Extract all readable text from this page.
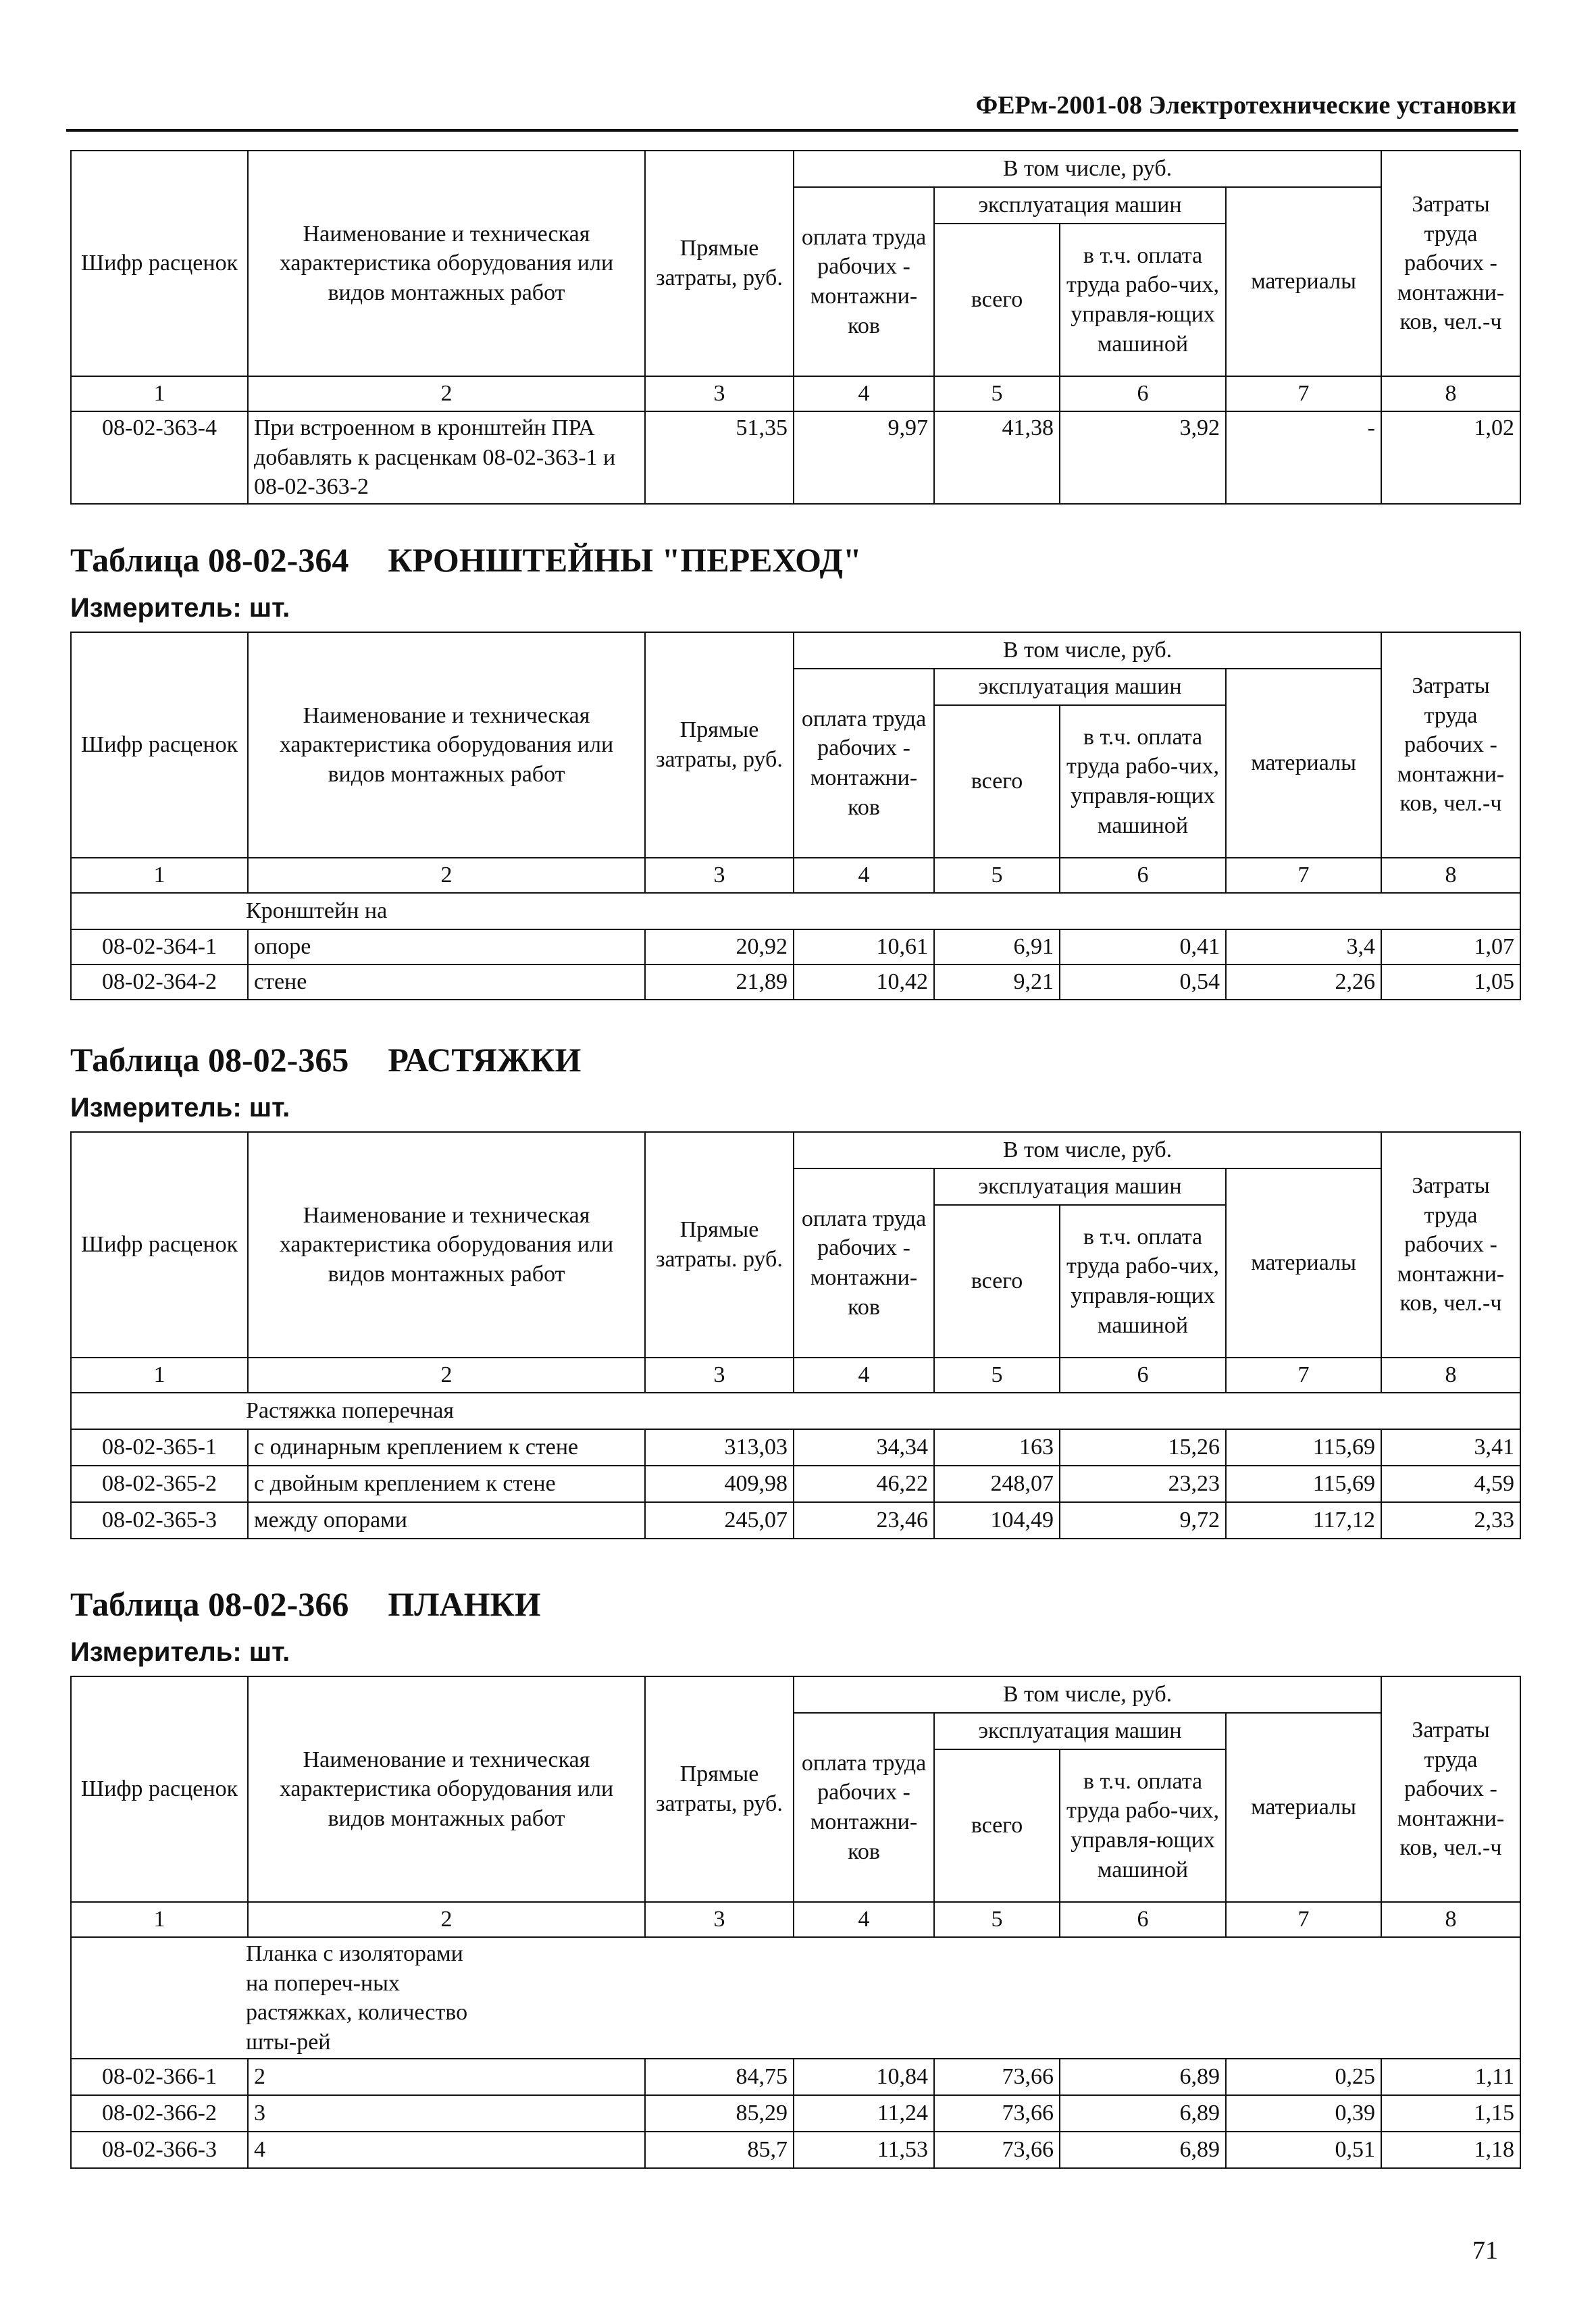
ФЕРм-2001-08 Электротехнические установки
Шифр расценок	Наименование и техническая характеристика оборудования или видов монтажных работ	Прямые затраты, руб.	В том числе, руб.				Затраты труда рабочих - монтажни-ков, чел.-ч
			оплата труда рабочих - монтажни-ков	эксплуатация машин		материалы	
				всего	в т.ч. оплата труда рабо-чих, управля-ющих машиной		
1	2	3	4	5	6	7	8
08-02-363-4	При встроенном в кронштейн ПРА добавлять к расценкам 08-02-363-1 и 08-02-363-2	51,35	9,97	41,38	3,92	-	1,02
Таблица 08-02-364 КРОНШТЕЙНЫ "ПЕРЕХОД"
Измеритель: шт.
Шифр расценок	Наименование и техническая характеристика оборудования или видов монтажных работ	Прямые затраты, руб.	В том числе, руб.				Затраты труда рабочих - монтажни-ков, чел.-ч
			оплата труда рабочих - монтажни-ков	эксплуатация машин		материалы	
				всего	в т.ч. оплата труда рабо-чих, управля-ющих машиной		
1	2	3	4	5	6	7	8
Кронштейн на							
08-02-364-1	опоре	20,92	10,61	6,91	0,41	3,4	1,07
08-02-364-2	стене	21,89	10,42	9,21	0,54	2,26	1,05
Таблица 08-02-365 РАСТЯЖКИ
Измеритель: шт.
Шифр расценок	Наименование и техническая характеристика оборудования или видов монтажных работ	Прямые затраты. руб.	В том числе, руб.				Затраты труда рабочих - монтажни-ков, чел.-ч
			оплата труда рабочих - монтажни-ков	эксплуатация машин		материалы	
				всего	в т.ч. оплата труда рабо-чих, управля-ющих машиной		
1	2	3	4	5	6	7	8
Растяжка поперечная							
08-02-365-1	с одинарным креплением к стене	313,03	34,34	163	15,26	115,69	3,41
08-02-365-2	с двойным креплением к стене	409,98	46,22	248,07	23,23	115,69	4,59
08-02-365-3	между опорами	245,07	23,46	104,49	9,72	117,12	2,33
Таблица 08-02-366 ПЛАНКИ
Измеритель: шт.
Шифр расценок	Наименование и техническая характеристика оборудования или видов монтажных работ	Прямые затраты, руб.	В том числе, руб.				Затраты труда рабочих - монтажни-ков, чел.-ч
			оплата труда рабочих - монтажни-ков	эксплуатация машин		материалы	
				всего	в т.ч. оплата труда рабо-чих, управля-ющих машиной		
1	2	3	4	5	6	7	8
Планка с изоляторами на попереч-ных растяжках, количество шты-рей							
08-02-366-1	2	84,75	10,84	73,66	6,89	0,25	1,11
08-02-366-2	3	85,29	11,24	73,66	6,89	0,39	1,15
08-02-366-3	4	85,7	11,53	73,66	6,89	0,51	1,18
71
